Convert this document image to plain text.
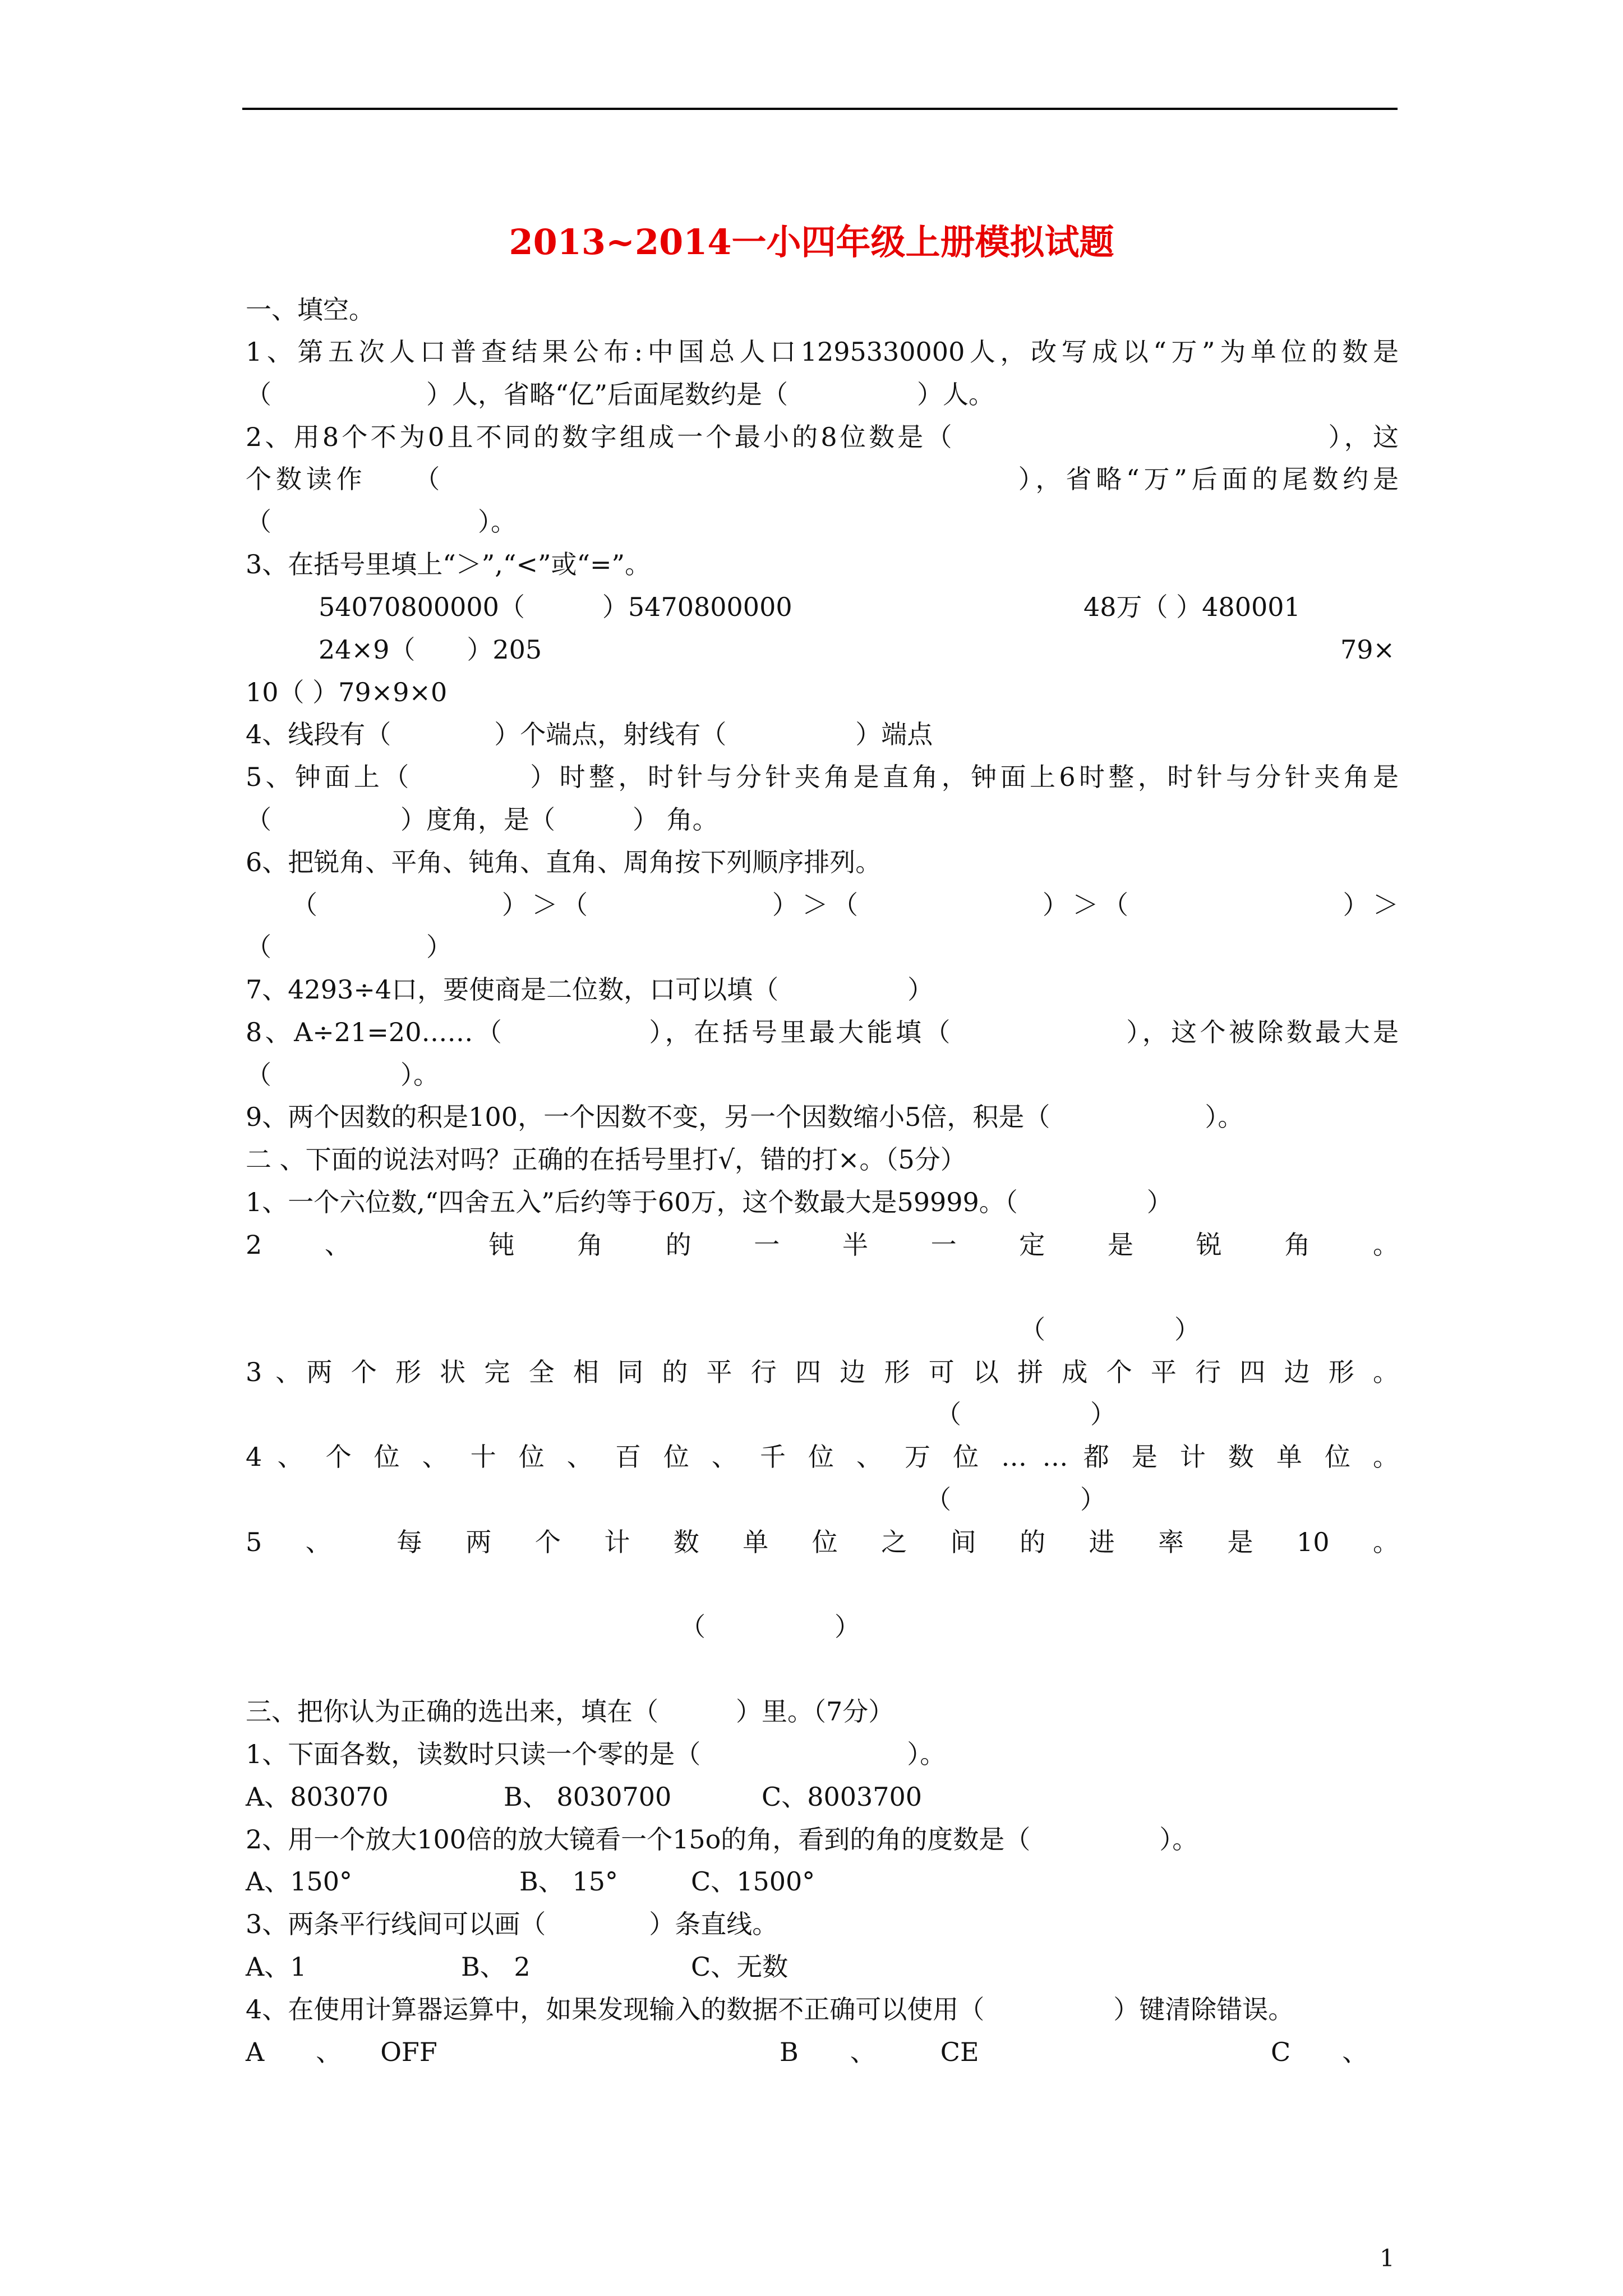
2013~2014一小四年级上册模拟试题
一、填空。
1、第五次人口普查结果公布:中国总人口1295330000人，改写成以“万”为单位的数是
（　　　　　　）人，省略“亿”后面尾数约是（　　　　　）人。
2、用8个不为0且不同的数字组成一个最小的8位数是（　　　　　　　　　　　　　），这
个数读作　　（　　　　　　　　　　　　　　　　　　　），省略“万”后面的尾数约是
（　　　　　　　　）。
3、在括号里填上“＞”,“<”或“=”。
54070800000（　　　）5470800000	48万（ ）480001
24×9（　　）205	79×
10（ ）79×9×0
4、线段有（　　　　）个端点，射线有（　　　　　）端点
5、钟面上（　　　　）时整，时针与分针夹角是直角，钟面上6时整，时针与分针夹角是
（　　　　　）度角，是（　　　） 角。
6、把锐角、平角、钝角、直角、周角按下列顺序排列。
（　　　　　　）＞（　　　　　　）＞（　　　　　　）＞（　　　　　　　）＞
（　　　　　　）
7、4293÷4口，要使商是二位数，口可以填（　　　　　）
8、A÷21=20……（　　　　　），在括号里最大能填（　　　　　　），这个被除数最大是
（　　　　　）。
9、两个因数的积是100，一个因数不变，另一个因数缩小5倍，积是（　　　　　　）。
二 、下面的说法对吗？正确的在括号里打√，错的打×。（5分）
1、一个六位数,“四舍五入”后约等于60万，这个数最大是59999。（　　　　　）
2　、　　　钝　角　的　一　半　一　定　是　锐　角　。
（　　　　　）
3 、两 个 形 状 完 全 相 同 的 平 行 四 边 形 可 以 拼 成 个 平 行 四 边 形 。
（　　　　　）
4 、 个 位 、 十 位 、 百 位 、 千 位 、 万 位 … … 都 是 计 数 单 位 。
（　　　　　）
5　、　　每　两　个　计　数　单　位　之　间　的　进　率　是　10　。
（　　　　　）
三、把你认为正确的选出来，填在（　　　）里。（7分）
1、下面各数，读数时只读一个零的是（　　　　　　　　）。
A、803070	B、 8030700	C、8003700
2、用一个放大100倍的放大镜看一个15o的角，看到的角的度数是（　　　　　）。
A、150°	B、 15°	C、1500°
3、两条平行线间可以画（　　　　）条直线。
A、1	B、 2	C、无数
4、在使用计算器运算中，如果发现输入的数据不正确可以使用（　　　　　）键清除错误。
A　　、　　OFF	B　　、　　　CE	C　　、
1
